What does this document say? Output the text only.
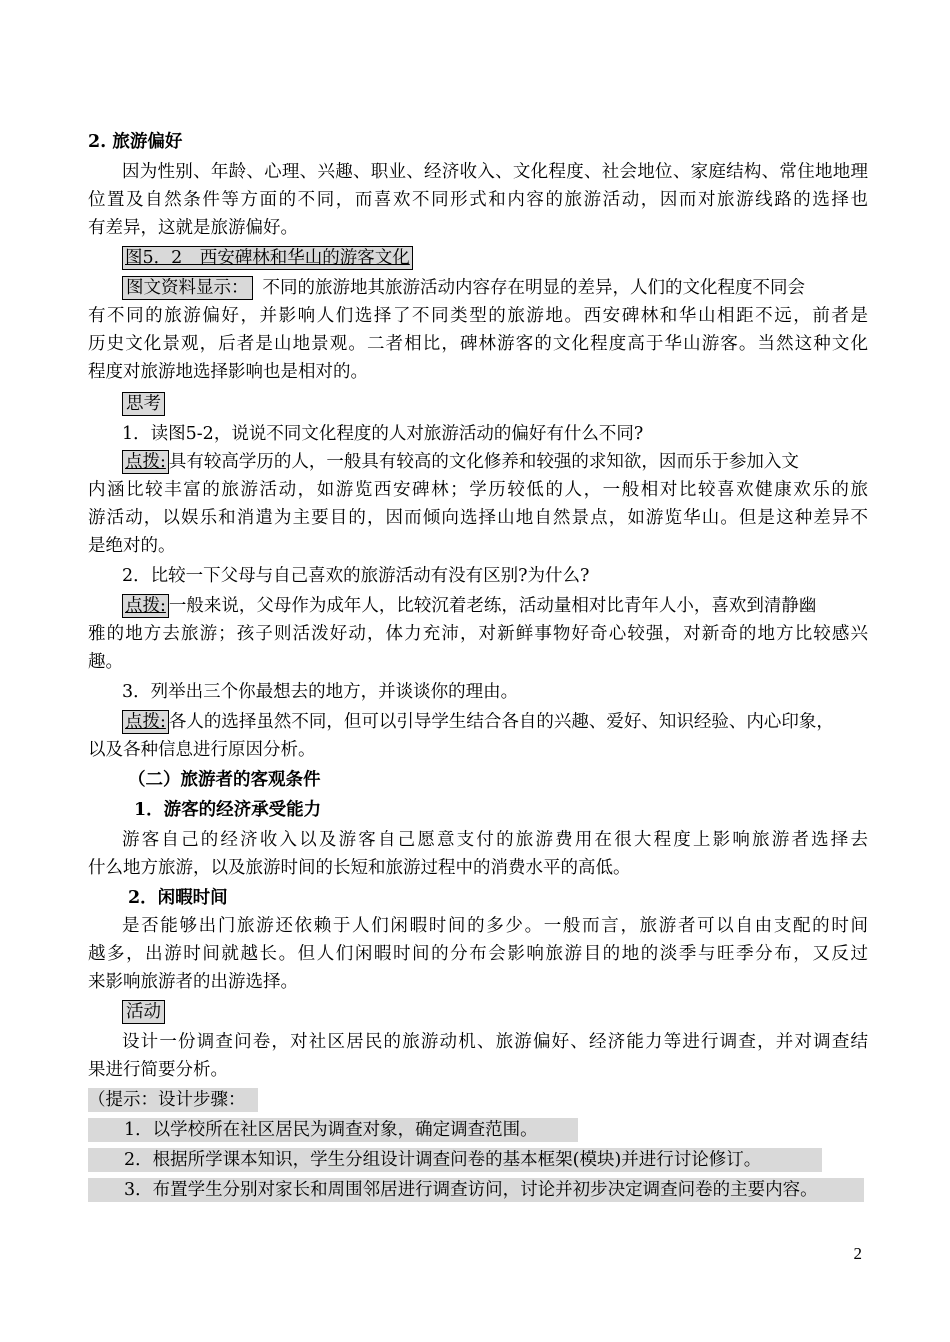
2. 旅游偏好
因为性别、年龄、心理、兴趣、职业、经济收入、文化程度、社会地位、家庭结构、常住地地理
位置及自然条件等方面的不同，而喜欢不同形式和内容的旅游活动，因而对旅游线路的选择也
有差异，这就是旅游偏好。
图5．2　西安碑林和华山的游客文化
图文资料显示： 不同的旅游地其旅游活动内容存在明显的差异，人们的文化程度不同会
有不同的旅游偏好，并影响人们选择了不同类型的旅游地。西安碑林和华山相距不远，前者是
历史文化景观，后者是山地景观。二者相比，碑林游客的文化程度高于华山游客。当然这种文化
程度对旅游地选择影响也是相对的。
思考
1．读图5-2，说说不同文化程度的人对旅游活动的偏好有什么不同?
点拨: 具有较高学历的人，一般具有较高的文化修养和较强的求知欲，因而乐于参加入文
内涵比较丰富的旅游活动，如游览西安碑林；学历较低的人，一般相对比较喜欢健康欢乐的旅
游活动，以娱乐和消遣为主要目的，因而倾向选择山地自然景点，如游览华山。但是这种差异不
是绝对的。
2．比较一下父母与自己喜欢的旅游活动有没有区别?为什么?
点拨: 一般来说，父母作为成年人，比较沉着老练，活动量相对比青年人小，喜欢到清静幽
雅的地方去旅游；孩子则活泼好动，体力充沛，对新鲜事物好奇心较强，对新奇的地方比较感兴
趣。
3．列举出三个你最想去的地方，并谈谈你的理由。
点拨: 各人的选择虽然不同，但可以引导学生结合各自的兴趣、爱好、知识经验、内心印象，
以及各种信息进行原因分析。
（二）旅游者的客观条件
1．游客的经济承受能力
游客自己的经济收入以及游客自己愿意支付的旅游费用在很大程度上影响旅游者选择去
什么地方旅游，以及旅游时间的长短和旅游过程中的消费水平的高低。
2．闲暇时间
是否能够出门旅游还依赖于人们闲暇时间的多少。一般而言，旅游者可以自由支配的时间
越多，出游时间就越长。但人们闲暇时间的分布会影响旅游目的地的淡季与旺季分布，又反过
来影响旅游者的出游选择。
活动
设计一份调查问卷，对社区居民的旅游动机、旅游偏好、经济能力等进行调查，并对调查结
果进行简要分析。
（提示：设计步骤：
1．以学校所在社区居民为调查对象，确定调查范围。
2．根据所学课本知识，学生分组设计调查问卷的基本框架(模块)并进行讨论修订。
3．布置学生分别对家长和周围邻居进行调查访问，讨论并初步决定调查问卷的主要内容。
2
